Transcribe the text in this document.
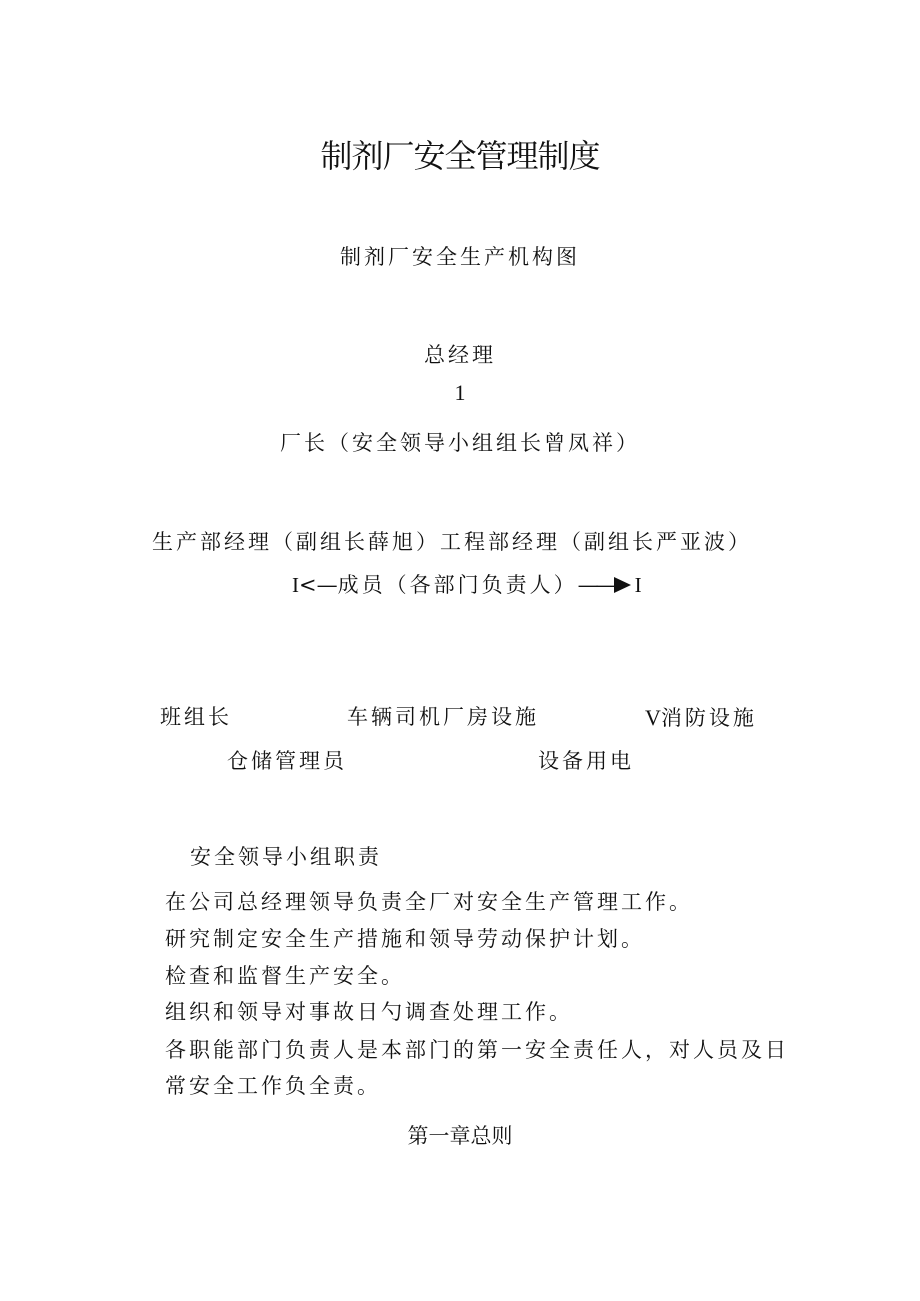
制剂厂安全管理制度
制剂厂安全生产机构图
总经理
1
厂长（安全领导小组组长曾凤祥）
生产部经理（副组长薛旭）工程部经理（副组长严亚波）
I<—成员（各部门负责人）—— I
班组长	车辆司机厂房设施	V消防设施
仓储管理员	设备用电
安全领导小组职责
在公司总经理领导负责全厂对安全生产管理工作。
研究制定安全生产措施和领导劳动保护计划。
检查和监督生产安全。
组织和领导对事故日勺调查处理工作。
各职能部门负责人是本部门的第一安全责任人，对人员及日
常安全工作负全责。
第一章总则
